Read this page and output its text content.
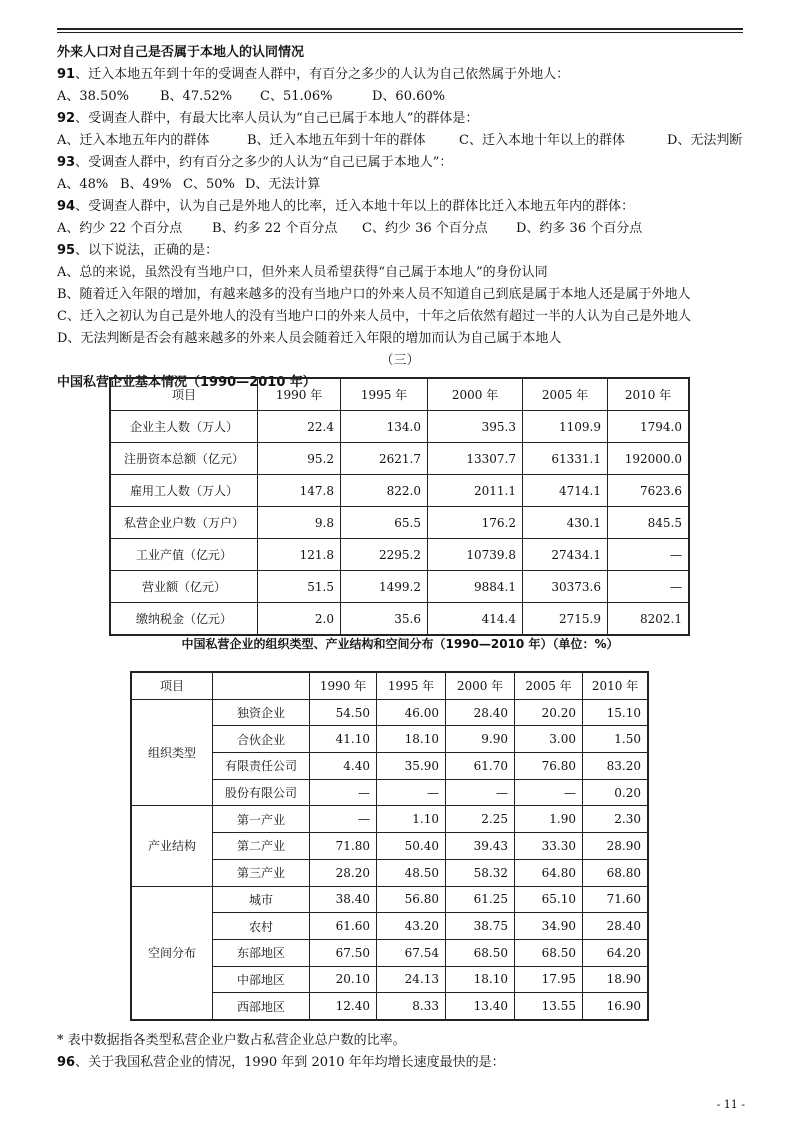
外来人口对自己是否属于本地人的认同情况
91、迁入本地五年到十年的受调查人群中，有百分之多少的人认为自己依然属于外地人：
A、38.50%	B、47.52%	C、51.06%	D、60.60%
92、受调查人群中，有最大比率人员认为“自己已属于本地人”的群体是：
A、迁入本地五年内的群体	B、迁入本地五年到十年的群体	C、迁入本地十年以上的群体	D、无法判断
93、受调查人群中，约有百分之多少的人认为“自己已属于本地人”：
A、48% B、49% C、50% D、无法计算
94、受调查人群中，认为自己是外地人的比率，迁入本地十年以上的群体比迁入本地五年内的群体：
A、约少 22 个百分点	B、约多 22 个百分点	C、约少 36 个百分点	D、约多 36 个百分点
95、以下说法，正确的是：
A、总的来说，虽然没有当地户口，但外来人员希望获得“自己属于本地人”的身份认同
B、随着迁入年限的增加，有越来越多的没有当地户口的外来人员不知道自己到底是属于本地人还是属于外地人
C、迁入之初认为自己是外地人的没有当地户口的外来人员中，十年之后依然有超过一半的人认为自己是外地人
D、无法判断是否会有越来越多的外来人员会随着迁入年限的增加而认为自己属于本地人
（三）
中国私营企业基本情况（1990—2010 年）
项目	1990 年	1995 年	2000 年	2005 年	2010 年
企业主人数（万人）	22.4	134.0	395.3	1109.9	1794.0
注册资本总额（亿元）	95.2	2621.7	13307.7	61331.1	192000.0
雇用工人数（万人）	147.8	822.0	2011.1	4714.1	7623.6
私营企业户数（万户）	9.8	65.5	176.2	430.1	845.5
工业产值（亿元）	121.8	2295.2	10739.8	27434.1	—
营业额（亿元）	51.5	1499.2	9884.1	30373.6	—
缴纳税金（亿元）	2.0	35.6	414.4	2715.9	8202.1
中国私营企业的组织类型、产业结构和空间分布（1990—2010 年）（单位：%）
项目		1990 年	1995 年	2000 年	2005 年	2010 年
组织类型	独资企业	54.50	46.00	28.40	20.20	15.10
	合伙企业	41.10	18.10	9.90	3.00	1.50
	有限责任公司	4.40	35.90	61.70	76.80	83.20
	股份有限公司	—	—	—	—	0.20
产业结构	第一产业	—	1.10	2.25	1.90	2.30
	第二产业	71.80	50.40	39.43	33.30	28.90
	第三产业	28.20	48.50	58.32	64.80	68.80
空间分布	城市	38.40	56.80	61.25	65.10	71.60
	农村	61.60	43.20	38.75	34.90	28.40
	东部地区	67.50	67.54	68.50	68.50	64.20
	中部地区	20.10	24.13	18.10	17.95	18.90
	西部地区	12.40	8.33	13.40	13.55	16.90
* 表中数据指各类型私营企业户数占私营企业总户数的比率。
96、关于我国私营企业的情况，1990 年到 2010 年年均增长速度最快的是：
- 11 -
